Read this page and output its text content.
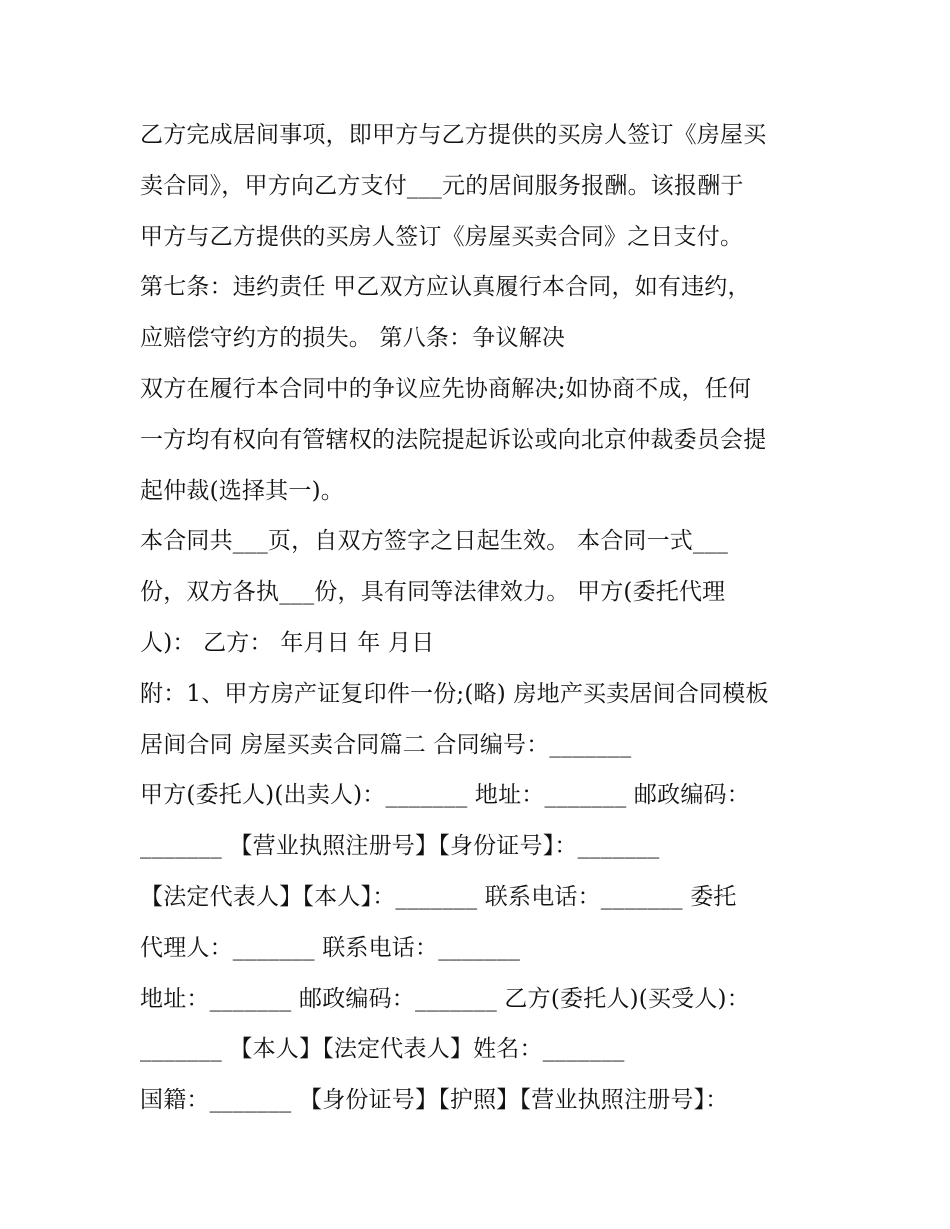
乙方完成居间事项，即甲方与乙方提供的买房人签订《房屋买
卖合同》，甲方向乙方支付___元的居间服务报酬。该报酬于
甲方与乙方提供的买房人签订《房屋买卖合同》之日支付。
第七条：违约责任 甲乙双方应认真履行本合同，如有违约，
应赔偿守约方的损失。 第八条：争议解决
双方在履行本合同中的争议应先协商解决;如协商不成，任何
一方均有权向有管辖权的法院提起诉讼或向北京仲裁委员会提
起仲裁(选择其一)。
本合同共___页，自双方签字之日起生效。 本合同一式___
份，双方各执___份，具有同等法律效力。 甲方(委托代理
人)： 乙方： 年月日 年 月日
附：1、甲方房产证复印件一份;(略) 房地产买卖居间合同模板
居间合同 房屋买卖合同篇二 合同编号：_______
甲方(委托人)(出卖人)：_______ 地址：_______ 邮政编码：
_______ 【营业执照注册号】【身份证号】：_______
【法定代表人】【本人】：_______ 联系电话：_______ 委托
代理人：_______ 联系电话：_______
地址：_______ 邮政编码：_______ 乙方(委托人)(买受人)：
_______ 【本人】【法定代表人】姓名：_______
国籍：_______ 【身份证号】【护照】【营业执照注册号】：
